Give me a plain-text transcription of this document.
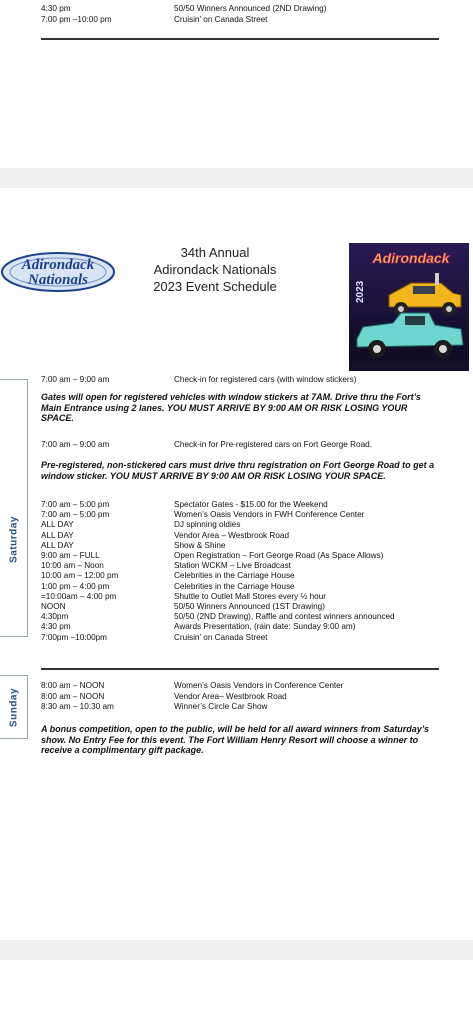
4:30 pm	50/50 Winners Announced (2ND Drawing)
7:00 pm –10:00 pm	Cruisin’ on Canada Street
Adirondack
Nationals
34th Annual
Adirondack Nationals
2023 Event Schedule
Adirondack
2023
Saturday
7:00 am – 9:00 am	Check-in for registered cars (with window stickers)
Gates will open for registered vehicles with window stickers at 7AM. Drive thru the Fort’s Main Entrance using 2 lanes. YOU MUST ARRIVE BY 9:00 AM OR RISK LOSING YOUR SPACE.
7:00 am – 9:00 am	Check-in for Pre-registered cars on Fort George Road.
Pre-registered, non-stickered cars must drive thru registration on Fort George Road to get a window sticker. YOU MUST ARRIVE BY 9:00 AM OR RISK LOSING YOUR SPACE.
7:00 am – 5:00 pm	Spectator Gates - $15.00 for the Weekend
7:00 am – 5:00 pm	Women’s Oasis Vendors in FWH Conference Center
ALL DAY	DJ spinning oldies
ALL DAY	Vendor Area – Westbrook Road
ALL DAY	Show & Shine
9:00 am – FULL	Open Registration – Fort George Road (As Space Allows)
10:00 am – Noon	Station WCKM – Live Broadcast
10:00 am – 12:00 pm	Celebrities in the Carriage House
1:00 pm – 4:00 pm	Celebrities in the Carriage House
=10:00am – 4:00 pm	Shuttle to Outlet Mall Stores every ½ hour
NOON	50/50 Winners Announced (1ST Drawing)
4:30pm	50/50 (2ND Drawing), Raffle and contest winners announced
4:30 pm	Awards Presentation, (rain date: Sunday 9:00 am)
7:00pm –10:00pm	Cruisin’ on Canada Street
Sunday
8:00 am – NOON	Women’s Oasis Vendors in Conference Center
8:00 am – NOON	Vendor Area– Westbrook Road
8:30 am – 10:30 am	Winner’s Circle Car Show
A bonus competition, open to the public, will be held for all award winners from Saturday’s show. No Entry Fee for this event. The Fort William Henry Resort will choose a winner to receive a complimentary gift package.
